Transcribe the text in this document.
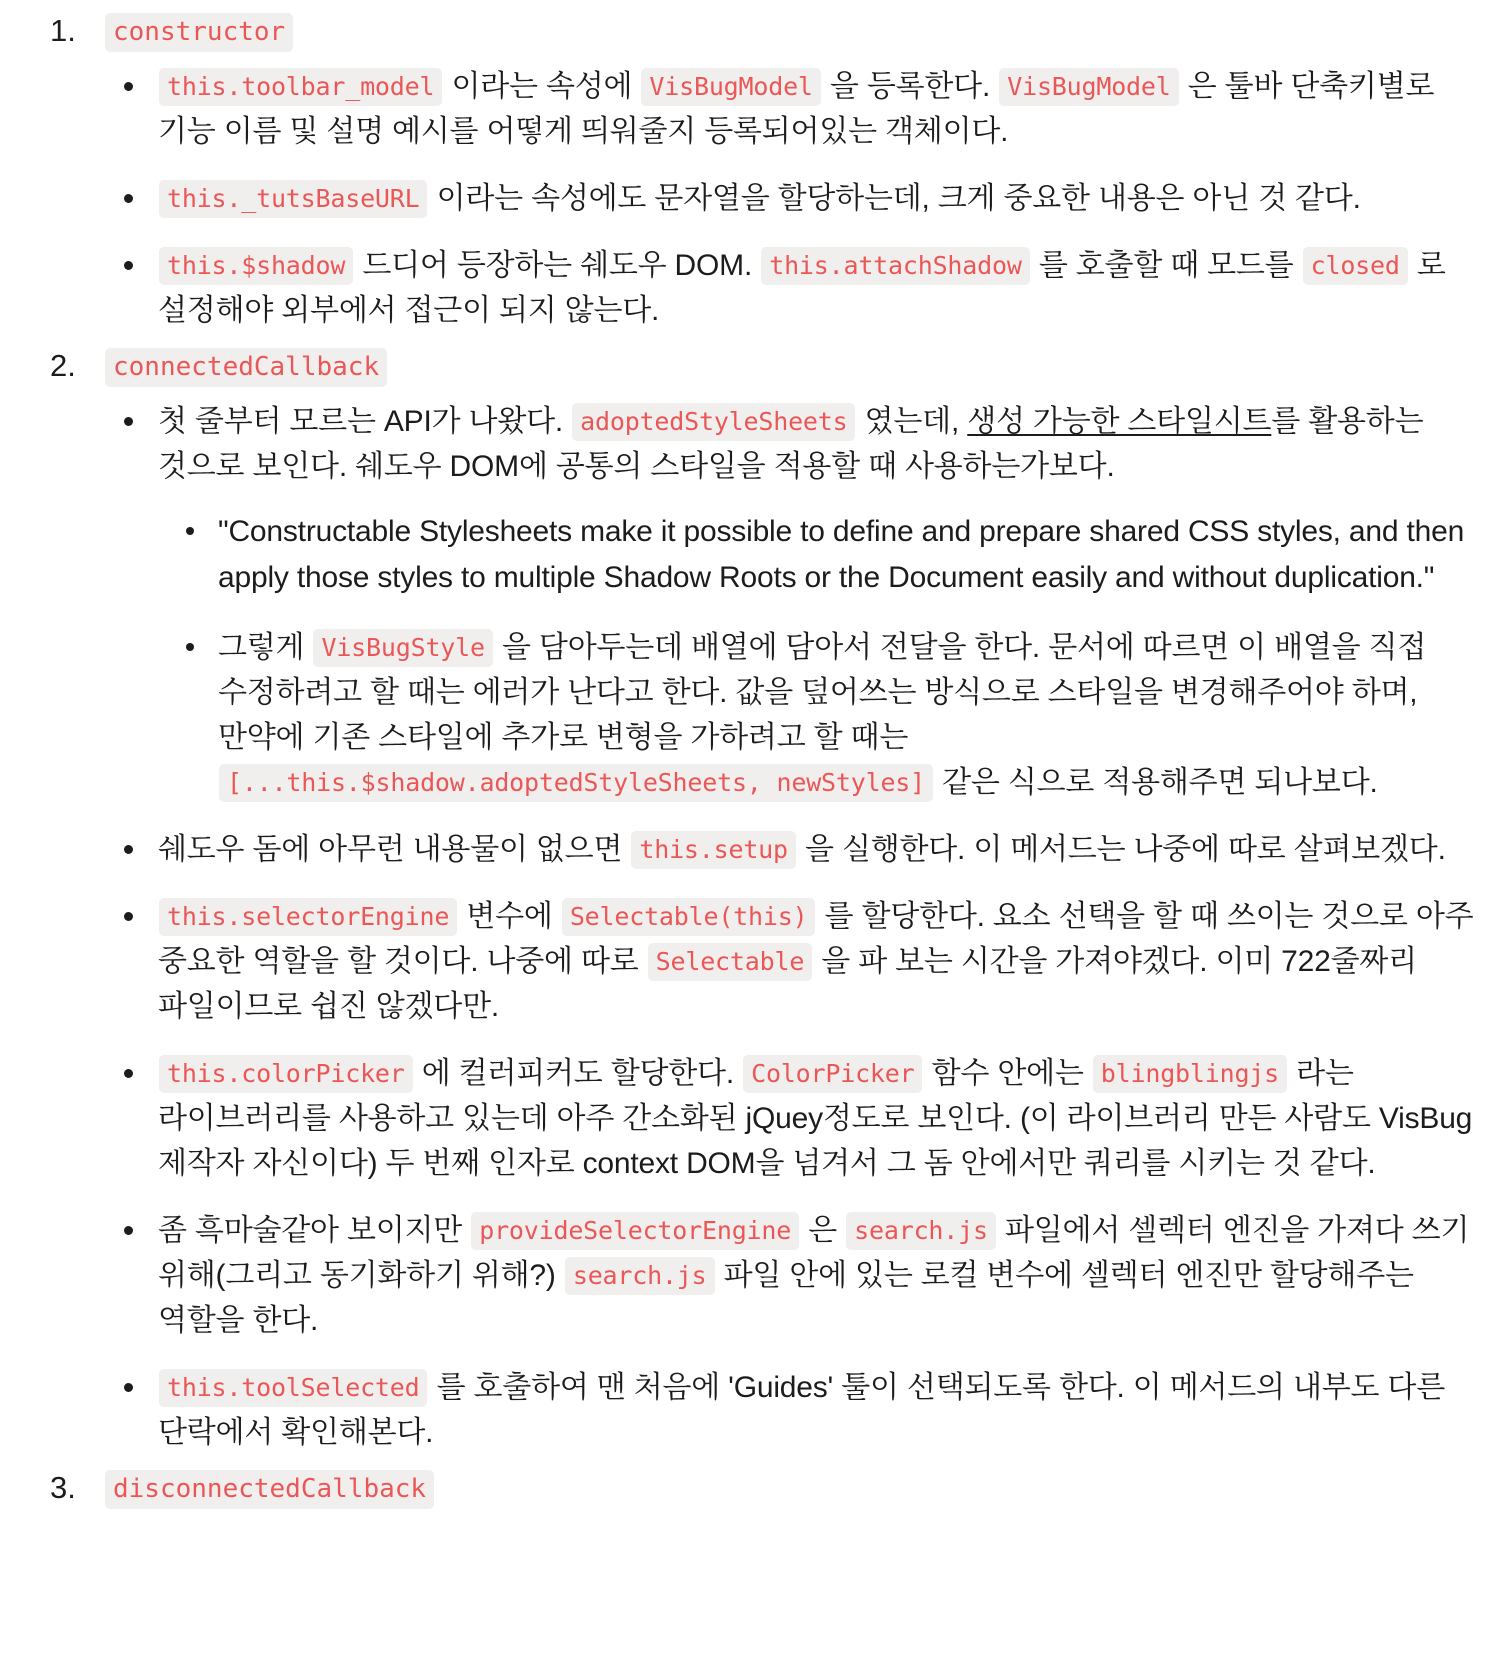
1.	constructor
this.toolbar_model 이라는 속성에 VisBugModel 을 등록한다. VisBugModel 은 툴바 단축키별로 기능 이름 및 설명 예시를 어떻게 띄워줄지 등록되어있는 객체이다.
this._tutsBaseURL 이라는 속성에도 문자열을 할당하는데, 크게 중요한 내용은 아닌 것 같다.
this.$shadow 드디어 등장하는 쉐도우 DOM. this.attachShadow 를 호출할 때 모드를 closed 로 설정해야 외부에서 접근이 되지 않는다.
2.	connectedCallback
첫 줄부터 모르는 API가 나왔다. adoptedStyleSheets 였는데, 생성 가능한 스타일시트를 활용하는 것으로 보인다. 쉐도우 DOM에 공통의 스타일을 적용할 때 사용하는가보다.
"Constructable Stylesheets make it possible to define and prepare shared CSS styles, and then apply those styles to multiple Shadow Roots or the Document easily and without duplication."
그렇게 VisBugStyle 을 담아두는데 배열에 담아서 전달을 한다. 문서에 따르면 이 배열을 직접 수정하려고 할 때는 에러가 난다고 한다. 값을 덮어쓰는 방식으로 스타일을 변경해주어야 하며, 만약에 기존 스타일에 추가로 변형을 가하려고 할 때는 [...this.$shadow.adoptedStyleSheets, newStyles] 같은 식으로 적용해주면 되나보다.
쉐도우 돔에 아무런 내용물이 없으면 this.setup 을 실행한다. 이 메서드는 나중에 따로 살펴보겠다.
this.selectorEngine 변수에 Selectable(this) 를 할당한다. 요소 선택을 할 때 쓰이는 것으로 아주 중요한 역할을 할 것이다. 나중에 따로 Selectable 을 파 보는 시간을 가져야겠다. 이미 722줄짜리 파일이므로 쉽진 않겠다만.
this.colorPicker 에 컬러피커도 할당한다. ColorPicker 함수 안에는 blingblingjs 라는 라이브러리를 사용하고 있는데 아주 간소화된 jQuey정도로 보인다. (이 라이브러리 만든 사람도 VisBug 제작자 자신이다) 두 번째 인자로 context DOM을 넘겨서 그 돔 안에서만 쿼리를 시키는 것 같다.
좀 흑마술같아 보이지만 provideSelectorEngine 은 search.js 파일에서 셀렉터 엔진을 가져다 쓰기 위해(그리고 동기화하기 위해?) search.js 파일 안에 있는 로컬 변수에 셀렉터 엔진만 할당해주는 역할을 한다.
this.toolSelected 를 호출하여 맨 처음에 'Guides' 툴이 선택되도록 한다. 이 메서드의 내부도 다른 단락에서 확인해본다.
3.	disconnectedCallback
